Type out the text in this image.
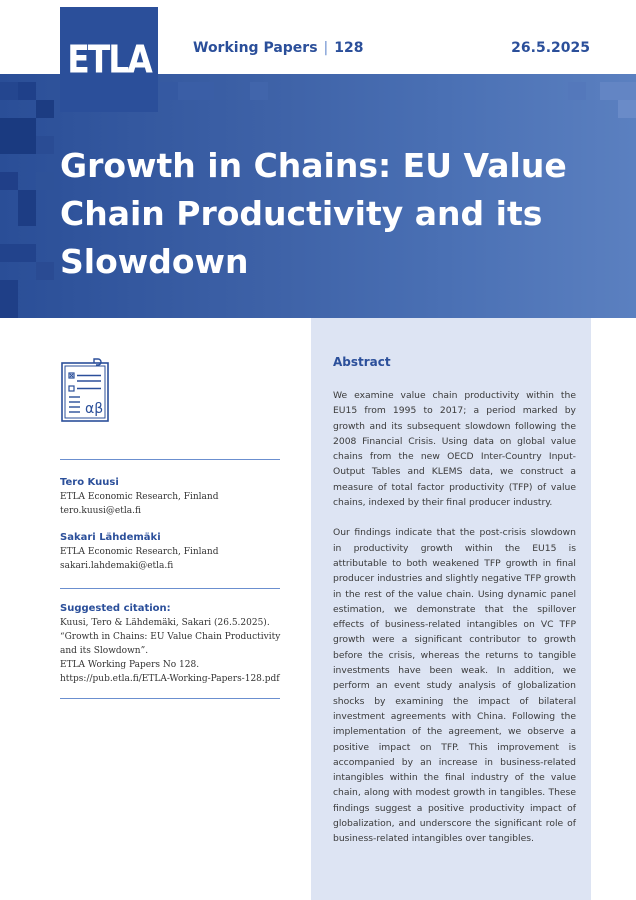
ETLA	Working Papers | 128	26.5.2025
Growth in Chains: EU Value Chain Productivity and its Slowdown
Abstract

We examine value chain productivity within the EU15 from 1995 to 2017; a period marked by growth and its subsequent slowdown following the 2008 Financial Crisis. Using data on global value chains from the new OECD Inter-Country Input-Output Tables and KLEMS data, we construct a measure of total factor productivity (TFP) of value chains, indexed by their final producer industry.

Our findings indicate that the post-crisis slowdown in productivity growth within the EU15 is attributable to both weakened TFP growth in final producer industries and slightly negative TFP growth in the rest of the value chain. Using dynamic panel estimation, we demonstrate that the spillover effects of business-related intangibles on VC TFP growth were a significant contributor to growth before the crisis, whereas the returns to tangible investments have been weak. In addition, we perform an event study analysis of globalization shocks by examining the impact of bilateral investment agreements with China. Following the implementation of the agreement, we observe a positive impact on TFP. This improvement is accompanied by an increase in business-related intangibles within the final industry of the value chain, along with modest growth in tangibles. These findings suggest a positive productivity impact of globalization, and underscore the significant role of business-related intangibles over tangibles.

αβ
Tero Kuusi
ETLA Economic Research, Finland
tero.kuusi@etla.fi
Sakari Lähdemäki
ETLA Economic Research, Finland
sakari.lahdemaki@etla.fi
Suggested citation:
Kuusi, Tero & Lähdemäki, Sakari (26.5.2025).
“Growth in Chains: EU Value Chain Productivity
and its Slowdown”.
ETLA Working Papers No 128.
https://pub.etla.fi/ETLA-Working-Papers-128.pdf
